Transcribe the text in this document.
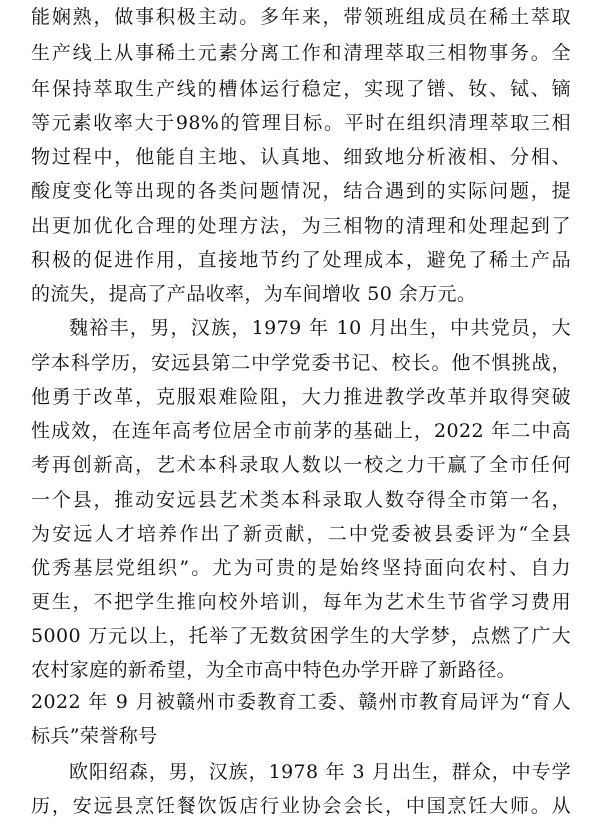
能娴熟，做事积极主动。多年来，带领班组成员在稀土萃取
生产线上从事稀土元素分离工作和清理萃取三相物事务。全
年保持萃取生产线的槽体运行稳定，实现了镨、钕、铽、镝
等元素收率大于98%的管理目标。平时在组织清理萃取三相
物过程中，他能自主地、认真地、细致地分析液相、分相、
酸度变化等出现的各类问题情况，结合遇到的实际问题，提
出更加优化合理的处理方法，为三相物的清理和处理起到了
积极的促进作用，直接地节约了处理成本，避免了稀土产品
的流失，提高了产品收率，为车间增收 50 余万元。
魏裕丰，男，汉族，1979 年 10 月出生，中共党员，大
学本科学历，安远县第二中学党委书记、校长。他不惧挑战，
他勇于改革，克服艰难险阻，大力推进教学改革并取得突破
性成效，在连年高考位居全市前茅的基础上，2022 年二中高
考再创新高，艺术本科录取人数以一校之力干赢了全市任何
一个县，推动安远县艺术类本科录取人数夺得全市第一名，
为安远人才培养作出了新贡献，二中党委被县委评为“全县
优秀基层党组织”。尤为可贵的是始终坚持面向农村、自力
更生，不把学生推向校外培训，每年为艺术生节省学习费用
5000 万元以上，托举了无数贫困学生的大学梦，点燃了广大
农村家庭的新希望，为全市高中特色办学开辟了新路径。
2022 年 9 月被赣州市委教育工委、赣州市教育局评为“育人
标兵”荣誉称号
欧阳绍森，男，汉族，1978 年 3 月出生，群众，中专学
历，安远县烹饪餐饮饭店行业协会会长，中国烹饪大师。从
